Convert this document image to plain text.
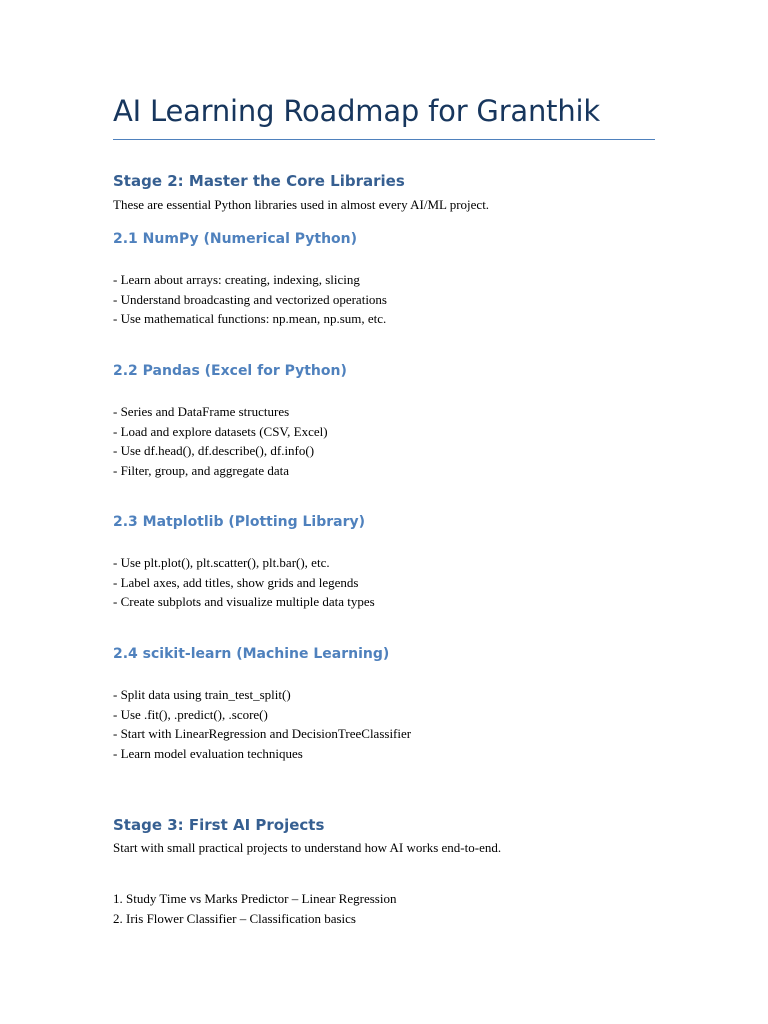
AI Learning Roadmap for Granthik
Stage 2: Master the Core Libraries

These are essential Python libraries used in almost every AI/ML project.

2.1 NumPy (Numerical Python)
- Learn about arrays: creating, indexing, slicing
- Understand broadcasting and vectorized operations
- Use mathematical functions: np.mean, np.sum, etc.
2.2 Pandas (Excel for Python)
- Series and DataFrame structures
- Load and explore datasets (CSV, Excel)
- Use df.head(), df.describe(), df.info()
- Filter, group, and aggregate data
2.3 Matplotlib (Plotting Library)
- Use plt.plot(), plt.scatter(), plt.bar(), etc.
- Label axes, add titles, show grids and legends
- Create subplots and visualize multiple data types
2.4 scikit-learn (Machine Learning)
- Split data using train_test_split()
- Use .fit(), .predict(), .score()
- Start with LinearRegression and DecisionTreeClassifier
- Learn model evaluation techniques
Stage 3: First AI Projects

Start with small practical projects to understand how AI works end-to-end.

1. Study Time vs Marks Predictor – Linear Regression
2. Iris Flower Classifier – Classification basics
